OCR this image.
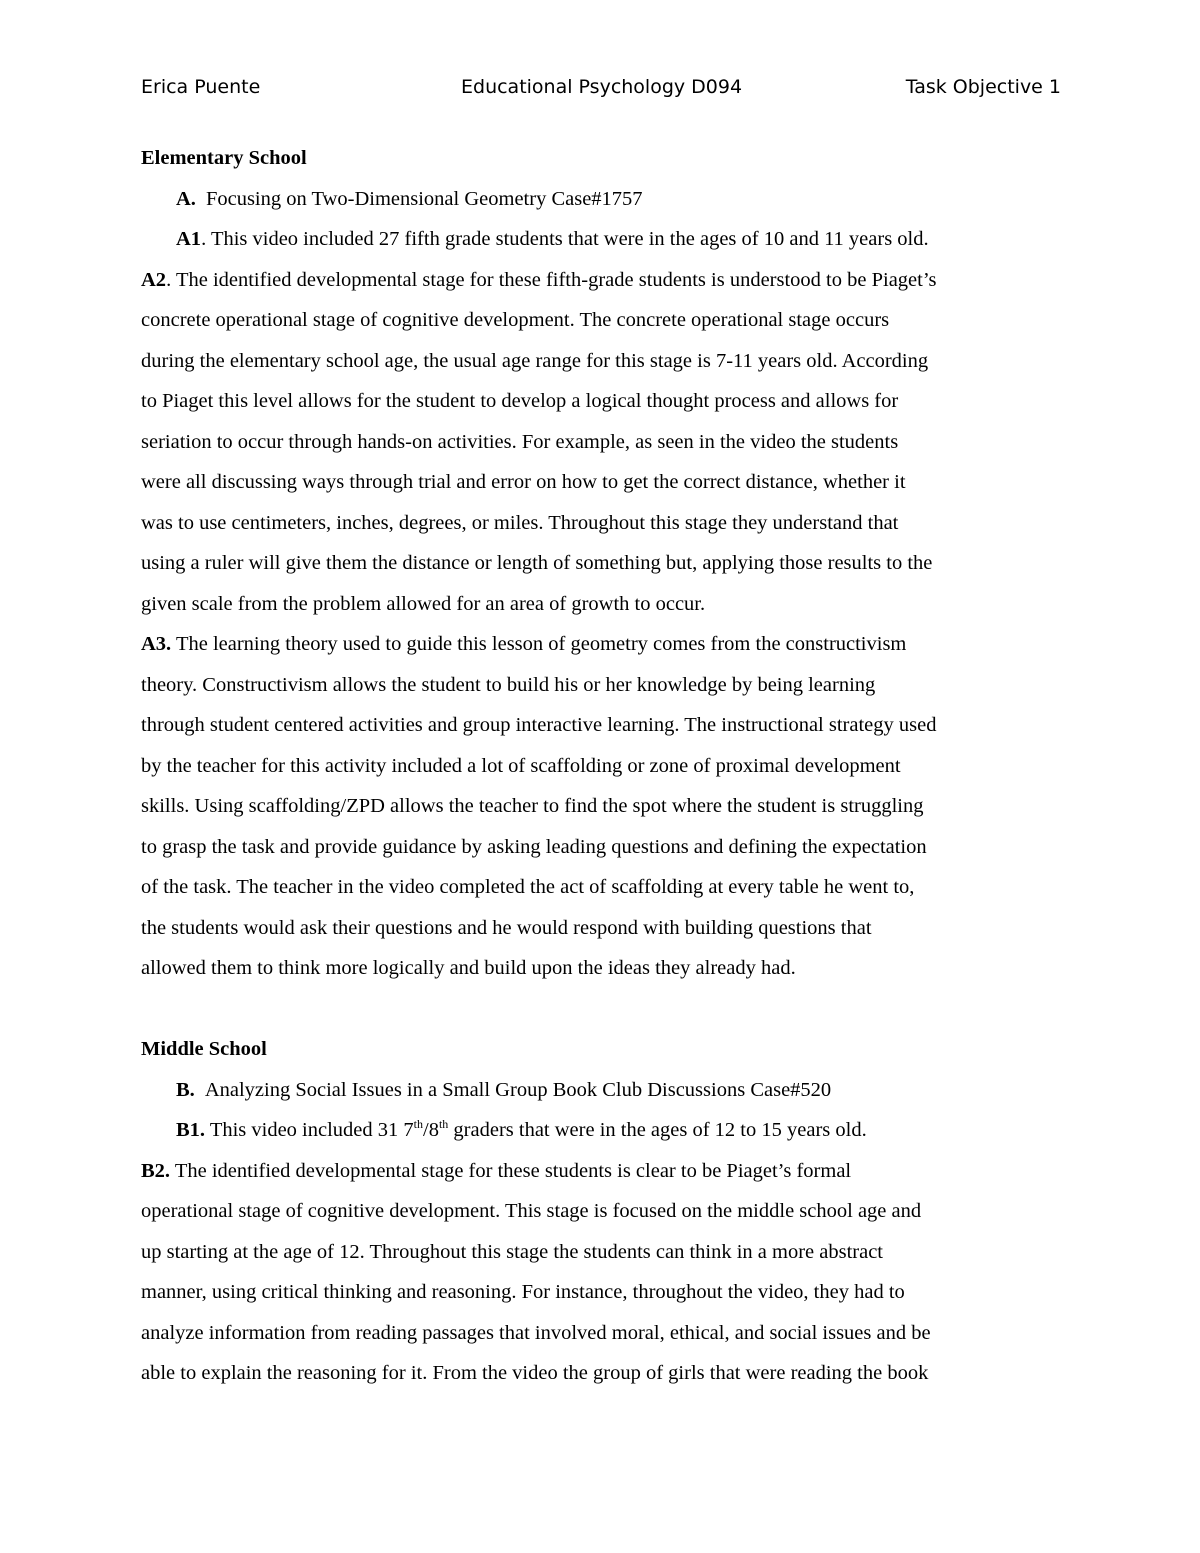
Erica Puente	Educational Psychology D094	Task Objective 1
Elementary School
A. Focusing on Two-Dimensional Geometry Case#1757
A1. This video included 27 fifth grade students that were in the ages of 10 and 11 years old.
A2. The identified developmental stage for these fifth-grade students is understood to be Piaget’s
concrete operational stage of cognitive development. The concrete operational stage occurs
during the elementary school age, the usual age range for this stage is 7-11 years old. According
to Piaget this level allows for the student to develop a logical thought process and allows for
seriation to occur through hands-on activities. For example, as seen in the video the students
were all discussing ways through trial and error on how to get the correct distance, whether it
was to use centimeters, inches, degrees, or miles. Throughout this stage they understand that
using a ruler will give them the distance or length of something but, applying those results to the
given scale from the problem allowed for an area of growth to occur.
A3. The learning theory used to guide this lesson of geometry comes from the constructivism
theory. Constructivism allows the student to build his or her knowledge by being learning
through student centered activities and group interactive learning. The instructional strategy used
by the teacher for this activity included a lot of scaffolding or zone of proximal development
skills. Using scaffolding/ZPD allows the teacher to find the spot where the student is struggling
to grasp the task and provide guidance by asking leading questions and defining the expectation
of the task. The teacher in the video completed the act of scaffolding at every table he went to,
the students would ask their questions and he would respond with building questions that
allowed them to think more logically and build upon the ideas they already had.
Middle School
B. Analyzing Social Issues in a Small Group Book Club Discussions Case#520
B1. This video included 31 7th/8th graders that were in the ages of 12 to 15 years old.
B2. The identified developmental stage for these students is clear to be Piaget’s formal
operational stage of cognitive development. This stage is focused on the middle school age and
up starting at the age of 12. Throughout this stage the students can think in a more abstract
manner, using critical thinking and reasoning. For instance, throughout the video, they had to
analyze information from reading passages that involved moral, ethical, and social issues and be
able to explain the reasoning for it. From the video the group of girls that were reading the book
